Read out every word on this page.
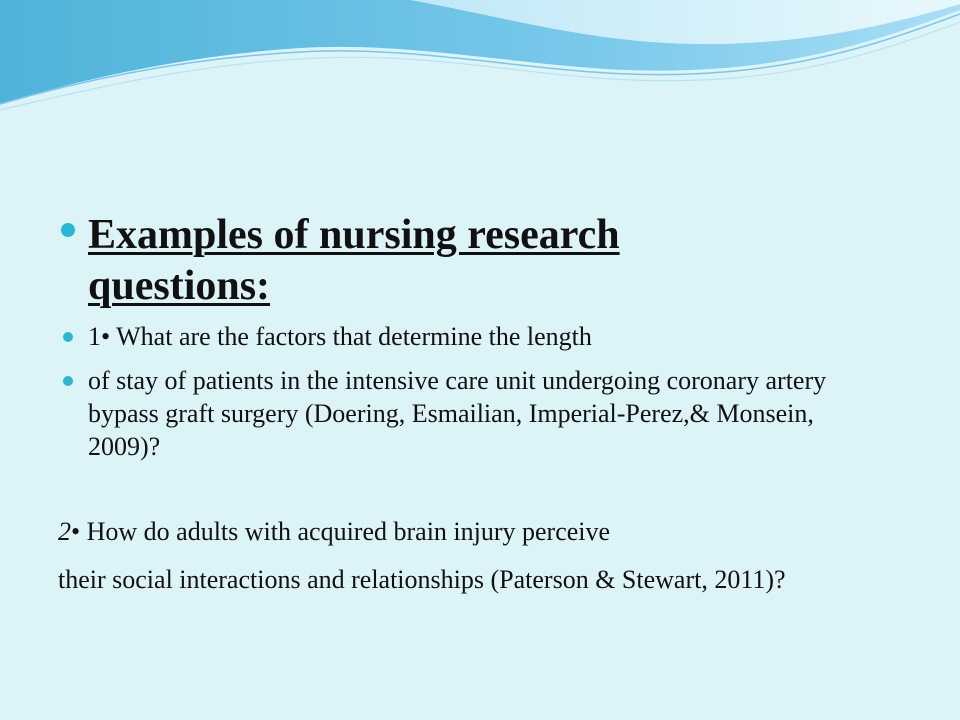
Examples of nursing research questions:
1• What are the factors that determine the length
of stay of patients in the intensive care unit undergoing coronary artery bypass graft surgery (Doering, Esmailian, Imperial-Perez,& Monsein, 2009)?
2• How do adults with acquired brain injury perceive
their social interactions and relationships (Paterson & Stewart, 2011)?
